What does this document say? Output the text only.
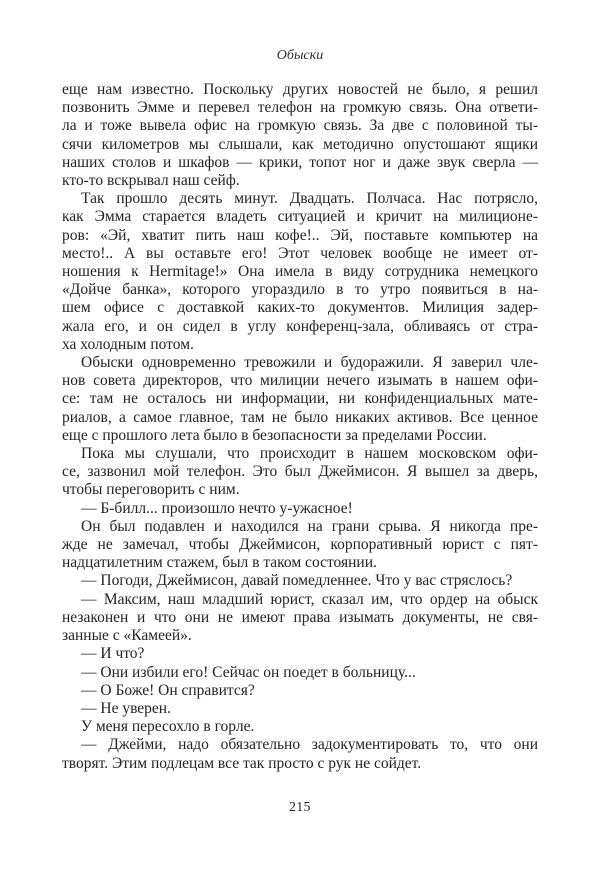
Обыски
еще нам известно. Поскольку других новостей не было, я решил
позвонить Эмме и перевел телефон на громкую связь. Она ответи-
ла и тоже вывела офис на громкую связь. За две с половиной ты-
сячи километров мы слышали, как методично опустошают ящики
наших столов и шкафов — крики, топот ног и даже звук сверла —
кто-то вскрывал наш сейф.
Так прошло десять минут. Двадцать. Полчаса. Нас потрясло,
как Эмма старается владеть ситуацией и кричит на милиционе-
ров: «Эй, хватит пить наш кофе!.. Эй, поставьте компьютер на
место!.. А вы оставьте его! Этот человек вообще не имеет от-
ношения к Hermitage!» Она имела в виду сотрудника немецкого
«Дойче банка», которого угораздило в то утро появиться в на-
шем офисе с доставкой каких-то документов. Милиция задер-
жала его, и он сидел в углу конференц-зала, обливаясь от стра-
ха холодным потом.
Обыски одновременно тревожили и будоражили. Я заверил чле-
нов совета директоров, что милиции нечего изымать в нашем офи-
се: там не осталось ни информации, ни конфиденциальных мате-
риалов, а самое главное, там не было никаких активов. Все ценное
еще с прошлого лета было в безопасности за пределами России.
Пока мы слушали, что происходит в нашем московском офи-
се, зазвонил мой телефон. Это был Джеймисон. Я вышел за дверь,
чтобы переговорить с ним.
— Б-билл... произошло нечто у-ужасное!
Он был подавлен и находился на грани срыва. Я никогда пре-
жде не замечал, чтобы Джеймисон, корпоративный юрист с пят-
надцатилетним стажем, был в таком состоянии.
— Погоди, Джеймисон, давай помедленнее. Что у вас стряслось?
— Максим, наш младший юрист, сказал им, что ордер на обыск
незаконен и что они не имеют права изымать документы, не свя-
занные с «Камеей».
— И что?
— Они избили его! Сейчас он поедет в больницу...
— О Боже! Он справится?
— Не уверен.
У меня пересохло в горле.
— Джейми, надо обязательно задокументировать то, что они
творят. Этим подлецам все так просто с рук не сойдет.
215
